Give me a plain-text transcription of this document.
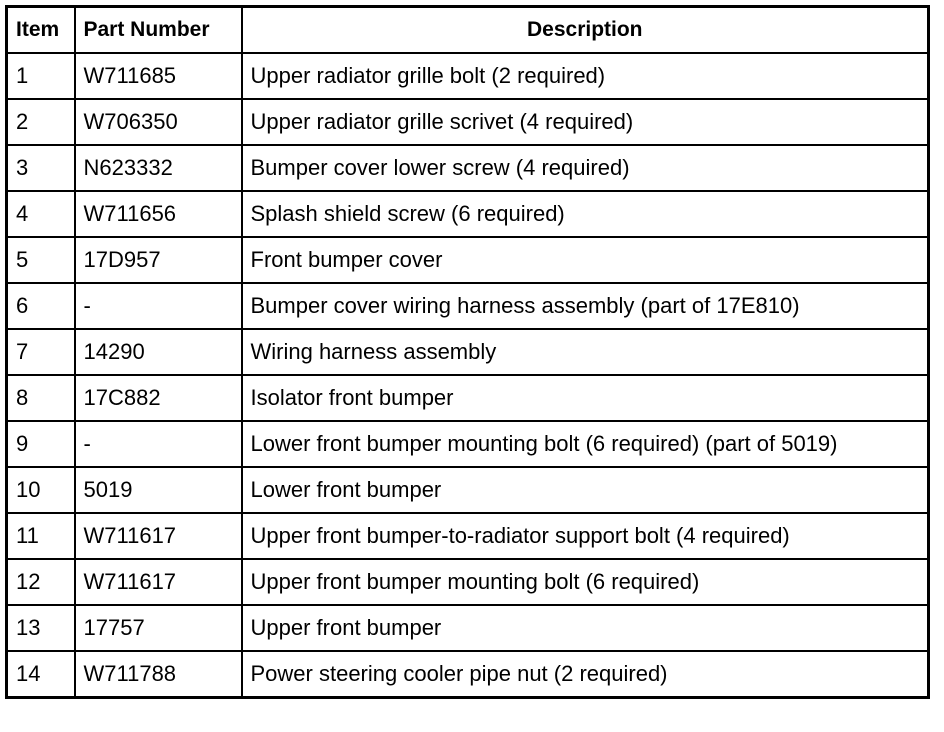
Item	Part Number	Description
1	W711685	Upper radiator grille bolt (2 required)
2	W706350	Upper radiator grille scrivet (4 required)
3	N623332	Bumper cover lower screw (4 required)
4	W711656	Splash shield screw (6 required)
5	17D957	Front bumper cover
6	-	Bumper cover wiring harness assembly (part of 17E810)
7	14290	Wiring harness assembly
8	17C882	Isolator front bumper
9	-	Lower front bumper mounting bolt (6 required) (part of 5019)
10	5019	Lower front bumper
11	W711617	Upper front bumper-to-radiator support bolt (4 required)
12	W711617	Upper front bumper mounting bolt (6 required)
13	17757	Upper front bumper
14	W711788	Power steering cooler pipe nut (2 required)
